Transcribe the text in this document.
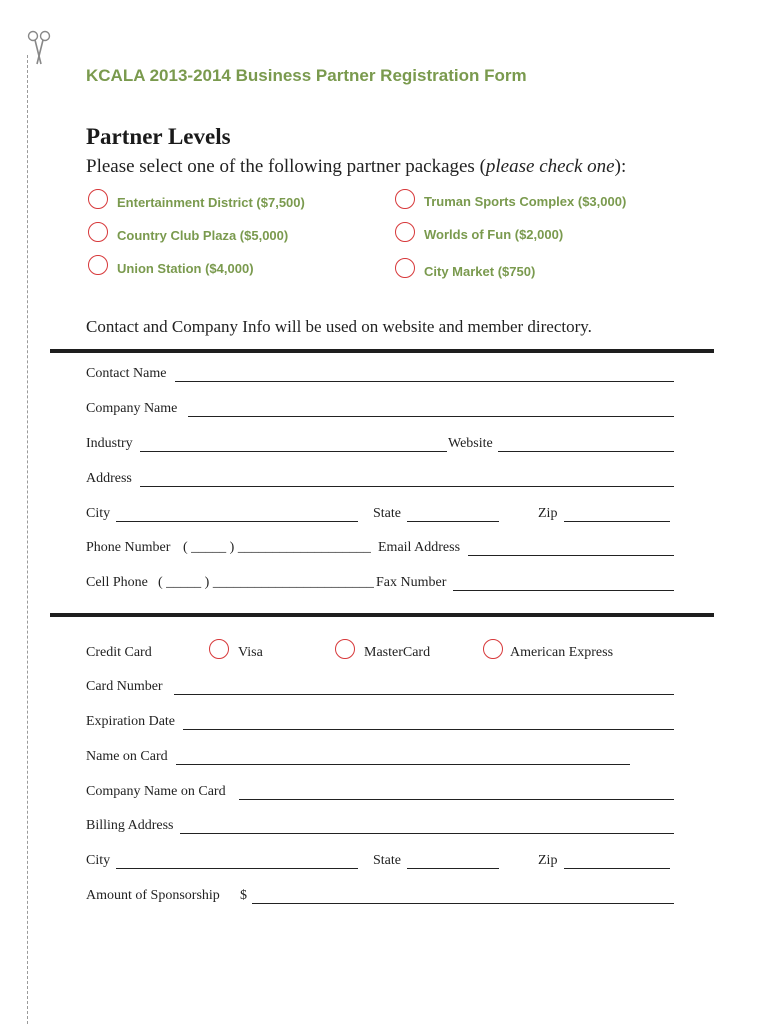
KCALA 2013-2014 Business Partner Registration Form
Partner Levels
Please select one of the following partner packages (please check one):
Entertainment District ($7,500)	Truman Sports Complex ($3,000)
Country Club Plaza ($5,000)	Worlds of Fun ($2,000)
Union Station ($4,000)	City Market ($750)
Contact and Company Info will be used on website and member directory.
Contact Name
Company Name
Industry	Website
Address
City	State	Zip
Phone Number ( _____ ) ___________________ Email Address
Cell Phone ( _____ ) _______________________ Fax Number
Credit Card	Visa	MasterCard	American Express
Card Number
Expiration Date
Name on Card
Company Name on Card
Billing Address
City	State	Zip
Amount of Sponsorship $
